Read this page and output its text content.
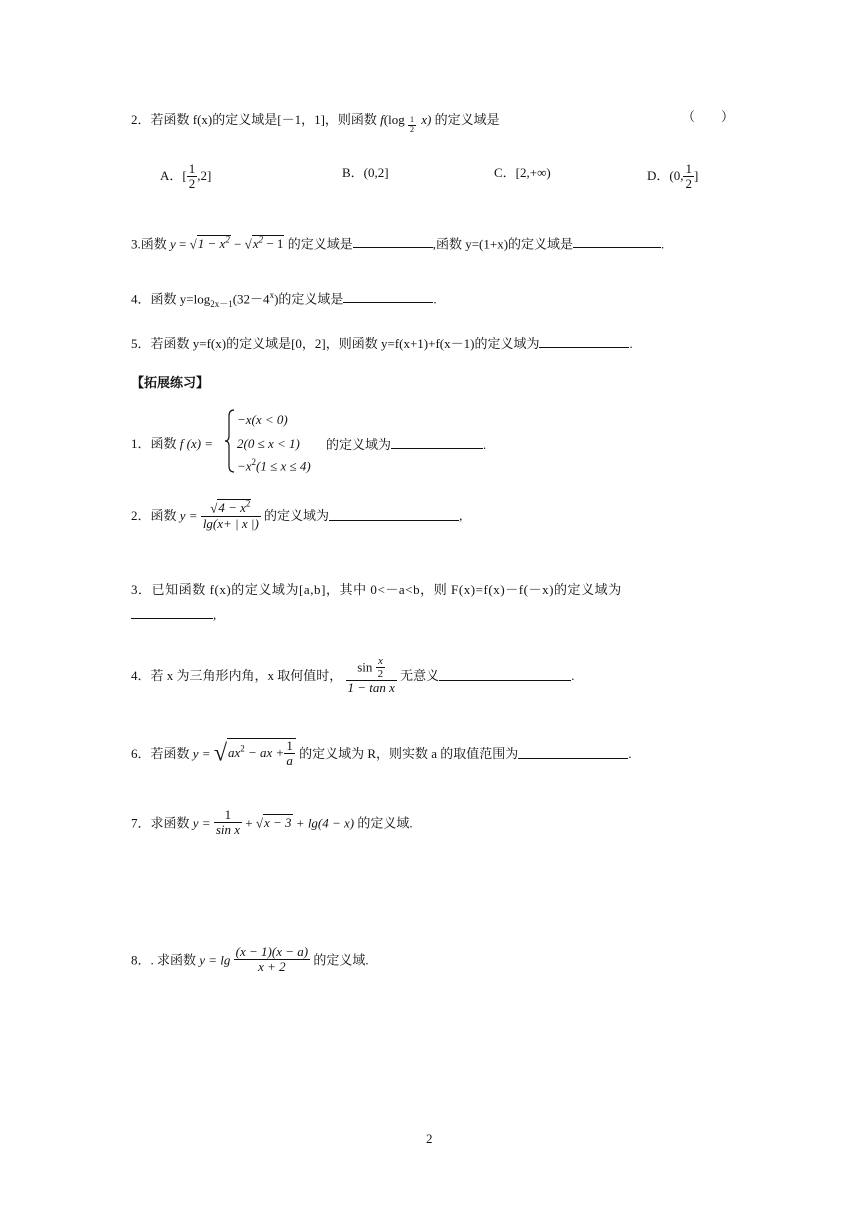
2．若函数 f(x)的定义域是[－1，1]，则函数 $f(\log \frac{1}{2} x)$ 的定义域是	（　　）
A．[ $\frac{1}{2} ,2$]	B．(0,2]	C．[2,+∞)	D．(0, $\frac{1}{2}$ ]
3.函数 $y = √1 - x^2 - √x^2 - 1$ 的定义域是	,函数 y=(1+x)的定义域是	.
4．函数 $y=\log_{2x-1}(32-4^x)$的定义域是	.
5．若函数 y=f(x)的定义域是[0，2]，则函数 y=f(x+1)+f(x－1)的定义域为	.
【拓展练习】
1．函数 f (x) =
−x(x < 0)
2(0 ≤ x < 1)
$-x^2(1 \le x \le 4)$
的定义域为	.
2．函数 $y = \frac{√4 - x^2}{\lg(x+ | x |)}$ 的定义域为	,
3．已知函数 f(x)的定义域为[a,b]，其中 0<－a<b，则 F(x)=f(x)－f(－x)的定义域为
,
4．若 x 为三角形内角，x 取何值时， $\frac{\sin \frac{x}{2}}{\text{1 − tan x}}$ 无意义	.
6．若函数 $y = √ax^2$ − ax + $\frac{1}{a}$ 的定义域为 R，则实数 a 的取值范围为	.
7．求函数 $y = \frac{1}{\text{sin x}} + √x - 3 + \lg(4 - x)$ 的定义域.
8．. 求函数 $y = \lg \frac{(x - 1)(x - a)}{x + 2}$ 的定义域.
2
